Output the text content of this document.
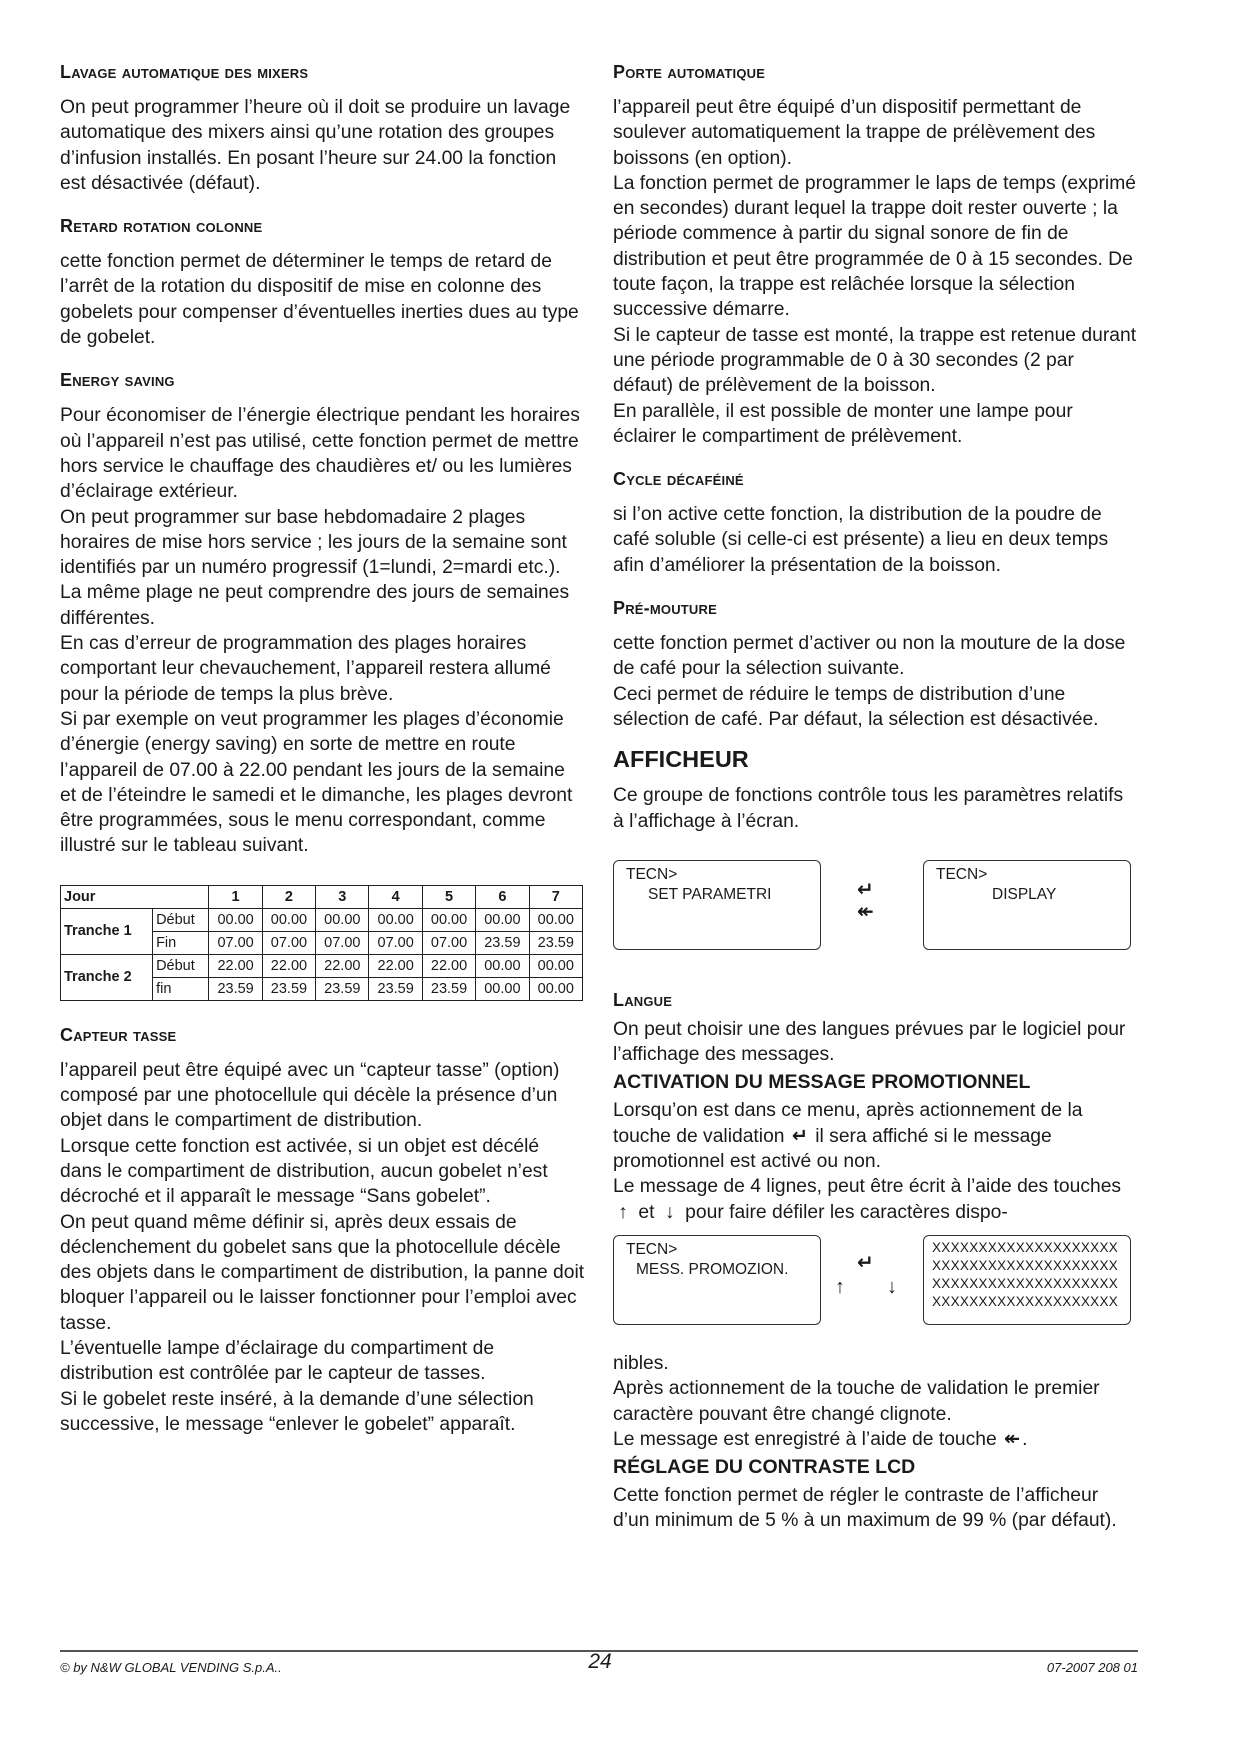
Lavage automatique des mixers

On peut programmer l’heure où il doit se produire un lavage automatique des mixers ainsi qu’une rotation des groupes d’infusion installés. En posant l’heure sur 24.00 la fonction est désactivée (défaut).

Retard rotation colonne

cette fonction permet de déterminer le temps de retard de l’arrêt de la rotation du dispositif de mise en colonne des gobelets pour compenser d’éventuelles inerties dues au type de gobelet.

Energy saving

Pour économiser de l’énergie électrique pendant les horaires où l’appareil n’est pas utilisé, cette fonction permet de mettre hors service le chauffage des chaudières et/ ou les lumières d’éclairage extérieur.

On peut programmer sur base hebdomadaire 2 plages horaires de mise hors service ; les jours de la semaine sont identifiés par un numéro progressif (1=lundi, 2=mardi etc.).

La même plage ne peut comprendre des jours de semaines différentes.

En cas d’erreur de programmation des plages horaires comportant leur chevauchement, l’appareil restera allumé pour la période de temps la plus brève.

Si par exemple on veut programmer les plages d’économie d’énergie (energy saving) en sorte de mettre en route l’appareil de 07.00 à 22.00 pendant les jours de la semaine et de l’éteindre le samedi et le dimanche, les plages devront être programmées, sous le menu correspondant, comme illustré sur le tableau suivant.

Jour		1	2	3	4	5	6	7
Tranche 1	Début	00.00	00.00	00.00	00.00	00.00	00.00	00.00
	Fin	07.00	07.00	07.00	07.00	07.00	23.59	23.59
Tranche 2	Début	22.00	22.00	22.00	22.00	22.00	00.00	00.00
	fin	23.59	23.59	23.59	23.59	23.59	00.00	00.00
Capteur tasse

l’appareil peut être équipé avec un “capteur tasse” (option) composé par une photocellule qui décèle la présence d’un objet dans le compartiment de distribution.

Lorsque cette fonction est activée, si un objet est décélé dans le compartiment de distribution, aucun gobelet n’est décroché et il apparaît le message “Sans gobelet”.

On peut quand même définir si, après deux essais de déclenchement du gobelet sans que la photocellule décèle des objets dans le compartiment de distribution, la panne doit bloquer l’appareil ou le laisser fonctionner pour l’emploi avec tasse.

L’éventuelle lampe d’éclairage du compartiment de distribution est contrôlée par le capteur de tasses.

Si le gobelet reste inséré, à la demande d’une sélection successive, le message “enlever le gobelet” apparaît.

Porte automatique

l’appareil peut être équipé d’un dispositif permettant de soulever automatiquement la trappe de prélèvement des boissons (en option).

La fonction permet de programmer le laps de temps (exprimé en secondes) durant lequel la trappe doit rester ouverte ; la période commence à partir du signal sonore de fin de distribution et peut être programmée de 0 à 15 secondes. De toute façon, la trappe est relâchée lorsque la sélection successive démarre.

Si le capteur de tasse est monté, la trappe est retenue durant une période programmable de 0 à 30 secondes (2 par défaut) de prélèvement de la boisson.

En parallèle, il est possible de monter une lampe pour éclairer le compartiment de prélèvement.

Cycle décaféiné

si l’on active cette fonction, la distribution de la poudre de café soluble (si celle-ci est présente) a lieu en deux temps afin d’améliorer la présentation de la boisson.

Pré-mouture

cette fonction permet d’activer ou non la mouture de la dose de café pour la sélection suivante.

Ceci permet de réduire le temps de distribution d’une sélection de café. Par défaut, la sélection est désactivée.

AFFICHEUR

Ce groupe de fonctions contrôle tous les paramètres relatifs à l’affichage à l’écran.

TECN>
SET PARAMETRI	↵
↞
TECN>
DISPLAY
Langue

On peut choisir une des langues prévues par le logiciel pour l’affichage des messages.

ACTIVATION DU MESSAGE PROMOTIONNEL

Lorsqu’on est dans ce menu, après actionnement de la touche de validation ↵ il sera affiché si le message promotionnel est activé ou non.

Le message de 4 lignes, peut être écrit à l’aide des touches ↑ et ↓ pour faire défiler les caractères dispo-

TECN>
MESS. PROMOZION.	↵
↑ ↓
XXXXXXXXXXXXXXXXXXXX
XXXXXXXXXXXXXXXXXXXX
XXXXXXXXXXXXXXXXXXXX
XXXXXXXXXXXXXXXXXXXX

nibles.

Après actionnement de la touche de validation le premier caractère pouvant être changé clignote.

Le message est enregistré à l’aide de touche ↞.

RÉGLAGE DU CONTRASTE LCD

Cette fonction permet de régler le contraste de l’afficheur d’un minimum de 5 % à un maximum de 99 % (par défaut).

© by N&W GLOBAL VENDING S.p.A..	24	07-2007 208 01
